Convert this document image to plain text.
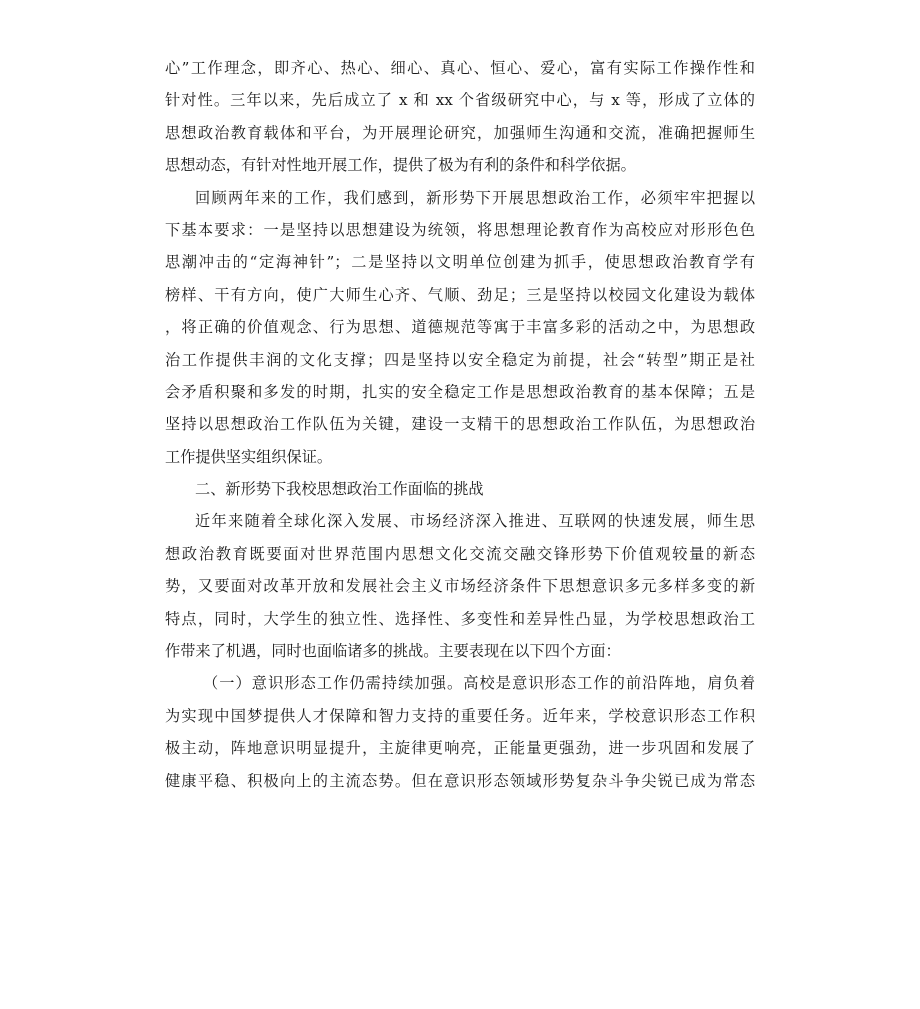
心”工作理念，即齐心、热心、细心、真心、恒心、爱心，富有实际工作操作性和
针对性。三年以来，先后成立了 x 和 xx 个省级研究中心，与 x 等，形成了立体的
思想政治教育载体和平台，为开展理论研究，加强师生沟通和交流，准确把握师生
思想动态，有针对性地开展工作，提供了极为有利的条件和科学依据。
回顾两年来的工作，我们感到，新形势下开展思想政治工作，必须牢牢把握以
下基本要求：一是坚持以思想建设为统领，将思想理论教育作为高校应对形形色色
思潮冲击的“定海神针”；二是坚持以文明单位创建为抓手，使思想政治教育学有
榜样、干有方向，使广大师生心齐、气顺、劲足；三是坚持以校园文化建设为载体
，将正确的价值观念、行为思想、道德规范等寓于丰富多彩的活动之中，为思想政
治工作提供丰润的文化支撑；四是坚持以安全稳定为前提，社会“转型”期正是社
会矛盾积聚和多发的时期，扎实的安全稳定工作是思想政治教育的基本保障；五是
坚持以思想政治工作队伍为关键，建设一支精干的思想政治工作队伍，为思想政治
工作提供坚实组织保证。
二、新形势下我校思想政治工作面临的挑战
近年来随着全球化深入发展、市场经济深入推进、互联网的快速发展，师生思
想政治教育既要面对世界范围内思想文化交流交融交锋形势下价值观较量的新态
势，又要面对改革开放和发展社会主义市场经济条件下思想意识多元多样多变的新
特点，同时，大学生的独立性、选择性、多变性和差异性凸显，为学校思想政治工
作带来了机遇，同时也面临诸多的挑战。主要表现在以下四个方面：
（一）意识形态工作仍需持续加强。高校是意识形态工作的前沿阵地，肩负着
为实现中国梦提供人才保障和智力支持的重要任务。近年来，学校意识形态工作积
极主动，阵地意识明显提升，主旋律更响亮，正能量更强劲，进一步巩固和发展了
健康平稳、积极向上的主流态势。但在意识形态领域形势复杂斗争尖锐已成为常态
